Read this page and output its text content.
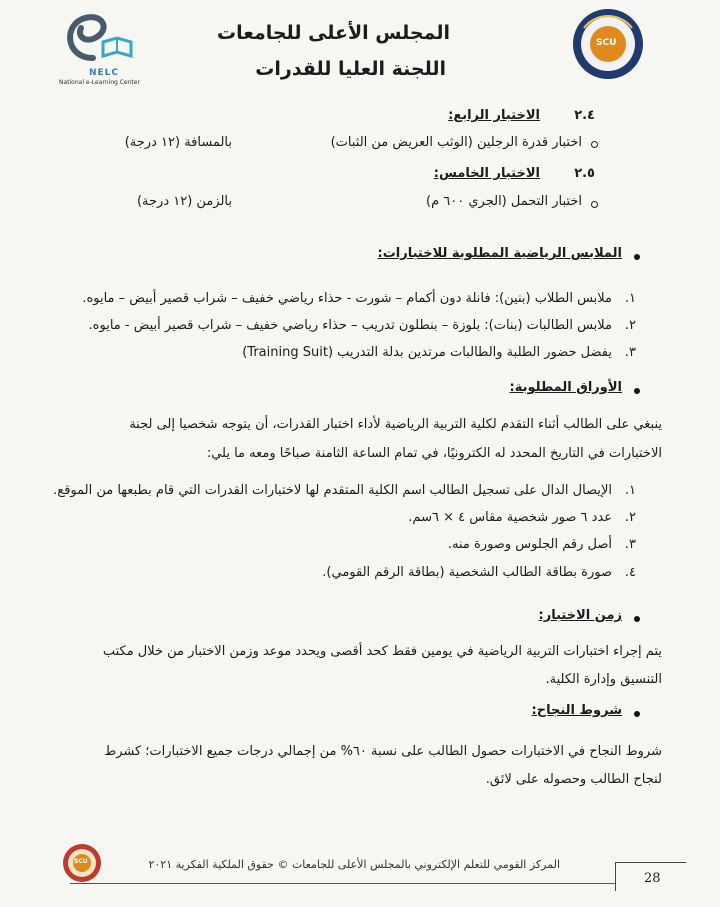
NELC
National e-Learning Center
SCU
المجلس الأعلى للجامعات
اللجنة العليا للقدرات
٢.٤
الاختبار الرابع:
اختبار قدرة الرجلين (الوثب العريض من الثبات)
بالمسافة (١٢ درجة)
٢.٥
الاختبار الخامس:
اختبار التحمل (الجري ٦٠٠ م)
بالزمن (١٢ درجة)
الملابس الرياضية المطلوبة للاختبارات:
١.
ملابس الطلاب (بنين): فانلة دون أكمام – شورت - حذاء رياضي خفيف – شراب قصير أبيض – مايوه.
٢.
ملابس الطالبات (بنات): بلوزة – بنطلون تدريب – حذاء رياضي خفيف – شراب قصير أبيض - مايوه.
٣.
يفضل حضور الطلبة والطالبات مرتدين بدلة التدريب (Training Suit)
الأوراق المطلوبة:
ينبغي على الطالب أثناء التقدم لكلية التربية الرياضية لأداء اختبار القدرات، أن يتوجه شخصيا إلى لجنة
الاختبارات في التاريخ المحدد له الكترونيًا، في تمام الساعة الثامنة صباحًا ومعه ما يلي:
١.
الإيصال الدال على تسجيل الطالب اسم الكلية المتقدم لها لاختبارات القدرات التي قام بطبعها من الموقع.
٢.
عدد ٦ صور شخصية مقاس ٤ × ٦سم.
٣.
أصل رقم الجلوس وصورة منه.
٤.
صورة بطاقة الطالب الشخصية (بطاقة الرقم القومي).
زمن الاختبار:
يتم إجراء اختبارات التربية الرياضية في يومين فقط كحد أقصى ويحدد موعد وزمن الاختبار من خلال مكتب
التنسيق وإدارة الكلية.
شروط النجاح:
شروط النجاح في الاختبارات حصول الطالب على نسبة ٦٠% من إجمالي درجات جميع الاختبارات؛ كشرط
لنجاح الطالب وحصوله على لائق.
SCU	المركز القومي للتعلم الإلكتروني بالمجلس الأعلى للجامعات © حقوق الملكية الفكرية ٢٠٢١
28
